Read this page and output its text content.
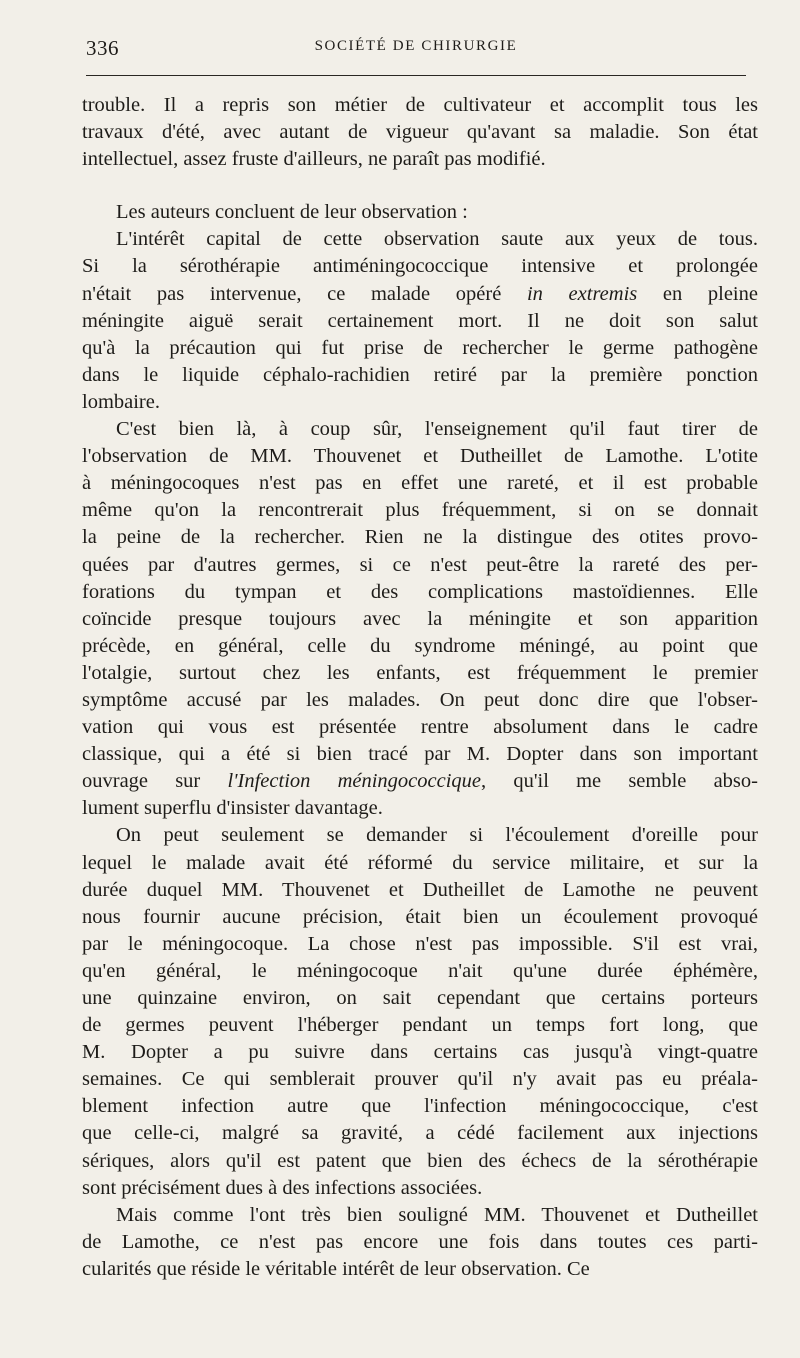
336	SOCIÉTÉ DE CHIRURGIE
trouble. Il a repris son métier de cultivateur et accomplit tous les
travaux d'été, avec autant de vigueur qu'avant sa maladie. Son état
intellectuel, assez fruste d'ailleurs, ne paraît pas modifié.
Les auteurs concluent de leur observation :
L'intérêt capital de cette observation saute aux yeux de tous.
Si la sérothérapie antiméningococcique intensive et prolongée
n'était pas intervenue, ce malade opéré in extremis en pleine
méningite aiguë serait certainement mort. Il ne doit son salut
qu'à la précaution qui fut prise de rechercher le germe pathogène
dans le liquide céphalo-rachidien retiré par la première ponction
lombaire.
C'est bien là, à coup sûr, l'enseignement qu'il faut tirer de
l'observation de MM. Thouvenet et Dutheillet de Lamothe. L'otite
à méningocoques n'est pas en effet une rareté, et il est probable
même qu'on la rencontrerait plus fréquemment, si on se donnait
la peine de la rechercher. Rien ne la distingue des otites provo-
quées par d'autres germes, si ce n'est peut-être la rareté des per-
forations du tympan et des complications mastoïdiennes. Elle
coïncide presque toujours avec la méningite et son apparition
précède, en général, celle du syndrome méningé, au point que
l'otalgie, surtout chez les enfants, est fréquemment le premier
symptôme accusé par les malades. On peut donc dire que l'obser-
vation qui vous est présentée rentre absolument dans le cadre
classique, qui a été si bien tracé par M. Dopter dans son important
ouvrage sur l'Infection méningococcique, qu'il me semble abso-
lument superflu d'insister davantage.
On peut seulement se demander si l'écoulement d'oreille pour
lequel le malade avait été réformé du service militaire, et sur la
durée duquel MM. Thouvenet et Dutheillet de Lamothe ne peuvent
nous fournir aucune précision, était bien un écoulement provoqué
par le méningocoque. La chose n'est pas impossible. S'il est vrai,
qu'en général, le méningocoque n'ait qu'une durée éphémère,
une quinzaine environ, on sait cependant que certains porteurs
de germes peuvent l'héberger pendant un temps fort long, que
M. Dopter a pu suivre dans certains cas jusqu'à vingt-quatre
semaines. Ce qui semblerait prouver qu'il n'y avait pas eu préala-
blement infection autre que l'infection méningococcique, c'est
que celle-ci, malgré sa gravité, a cédé facilement aux injections
sériques, alors qu'il est patent que bien des échecs de la sérothérapie
sont précisément dues à des infections associées.
Mais comme l'ont très bien souligné MM. Thouvenet et Dutheillet
de Lamothe, ce n'est pas encore une fois dans toutes ces parti-
cularités que réside le véritable intérêt de leur observation. Ce
